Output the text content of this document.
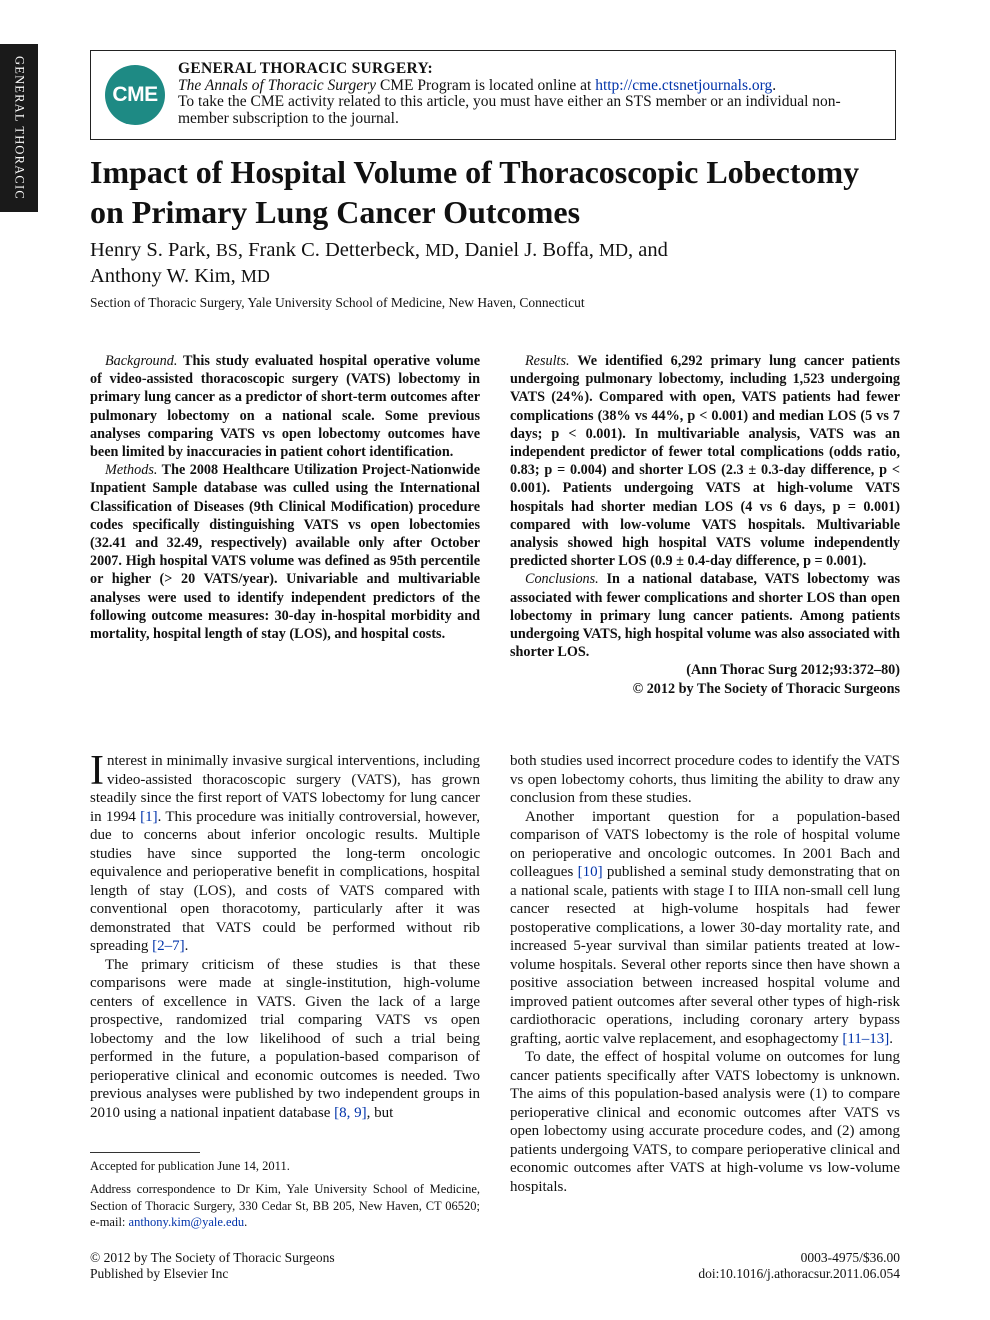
GENERAL THORACIC	CME
GENERAL THORACIC SURGERY:
The Annals of Thoracic Surgery CME Program is located online at http://cme.ctsnetjournals.org.
To take the CME activity related to this article, you must have either an STS member or an individual non-member subscription to the journal.
Impact of Hospital Volume of Thoracoscopic Lobectomy on Primary Lung Cancer Outcomes
Henry S. Park, BS, Frank C. Detterbeck, MD, Daniel J. Boffa, MD, and
Anthony W. Kim, MD
Section of Thoracic Surgery, Yale University School of Medicine, New Haven, Connecticut

Background. This study evaluated hospital operative volume of video-assisted thoracoscopic surgery (VATS) lobectomy in primary lung cancer as a predictor of short-term outcomes after pulmonary lobectomy on a national scale. Some previous analyses comparing VATS vs open lobectomy outcomes have been limited by inaccuracies in patient cohort identification.

Methods. The 2008 Healthcare Utilization Project-Nationwide Inpatient Sample database was culled using the International Classification of Diseases (9th Clinical Modification) procedure codes specifically distinguishing VATS vs open lobectomies (32.41 and 32.49, respectively) available only after October 2007. High hospital VATS volume was defined as 95th percentile or higher (> 20 VATS/year). Univariable and multivariable analyses were used to identify independent predictors of the following outcome measures: 30-day in-hospital morbidity and mortality, hospital length of stay (LOS), and hospital costs.

Results. We identified 6,292 primary lung cancer patients undergoing pulmonary lobectomy, including 1,523 undergoing VATS (24%). Compared with open, VATS patients had fewer complications (38% vs 44%, p < 0.001) and median LOS (5 vs 7 days; p < 0.001). In multivariable analysis, VATS was an independent predictor of fewer total complications (odds ratio, 0.83; p = 0.004) and shorter LOS (2.3 ± 0.3-day difference, p < 0.001). Patients undergoing VATS at high-volume VATS hospitals had shorter median LOS (4 vs 6 days, p = 0.001) compared with low-volume VATS hospitals. Multivariable analysis showed high hospital VATS volume independently predicted shorter LOS (0.9 ± 0.4-day difference, p = 0.001).

Conclusions. In a national database, VATS lobectomy was associated with fewer complications and shorter LOS than open lobectomy in primary lung cancer patients. Among patients undergoing VATS, high hospital volume was also associated with shorter LOS.

(Ann Thorac Surg 2012;93:372–80)
© 2012 by The Society of Thoracic Surgeons

Interest in minimally invasive surgical interventions, including video-assisted thoracoscopic surgery (VATS), has grown steadily since the first report of VATS lobectomy for lung cancer in 1994 [1]. This procedure was initially controversial, however, due to concerns about inferior oncologic results. Multiple studies have since supported the long-term oncologic equivalence and perioperative benefit in complications, hospital length of stay (LOS), and costs of VATS compared with conventional open thoracotomy, particularly after it was demonstrated that VATS could be performed without rib spreading [2–7].

The primary criticism of these studies is that these comparisons were made at single-institution, high-volume centers of excellence in VATS. Given the lack of a large prospective, randomized trial comparing VATS vs open lobectomy and the low likelihood of such a trial being performed in the future, a population-based comparison of perioperative clinical and economic outcomes is needed. Two previous analyses were published by two independent groups in 2010 using a national inpatient database [8, 9], but

both studies used incorrect procedure codes to identify the VATS vs open lobectomy cohorts, thus limiting the ability to draw any conclusion from these studies.

Another important question for a population-based comparison of VATS lobectomy is the role of hospital volume on perioperative and oncologic outcomes. In 2001 Bach and colleagues [10] published a seminal study demonstrating that on a national scale, patients with stage I to IIIA non-small cell lung cancer resected at high-volume hospitals had fewer postoperative complications, a lower 30-day mortality rate, and increased 5-year survival than similar patients treated at low-volume hospitals. Several other reports since then have shown a positive association between increased hospital volume and improved patient outcomes after several other types of high-risk cardiothoracic operations, including coronary artery bypass grafting, aortic valve replacement, and esophagectomy [11–13].

To date, the effect of hospital volume on outcomes for lung cancer patients specifically after VATS lobectomy is unknown. The aims of this population-based analysis were (1) to compare perioperative clinical and economic outcomes after VATS vs open lobectomy using accurate procedure codes, and (2) among patients undergoing VATS, to compare perioperative clinical and economic outcomes after VATS at high-volume vs low-volume hospitals.

Accepted for publication June 14, 2011.

Address correspondence to Dr Kim, Yale University School of Medicine, Section of Thoracic Surgery, 330 Cedar St, BB 205, New Haven, CT 06520; e-mail: anthony.kim@yale.edu.

© 2012 by The Society of Thoracic Surgeons
Published by Elsevier Inc
0003-4975/$36.00
doi:10.1016/j.athoracsur.2011.06.054
